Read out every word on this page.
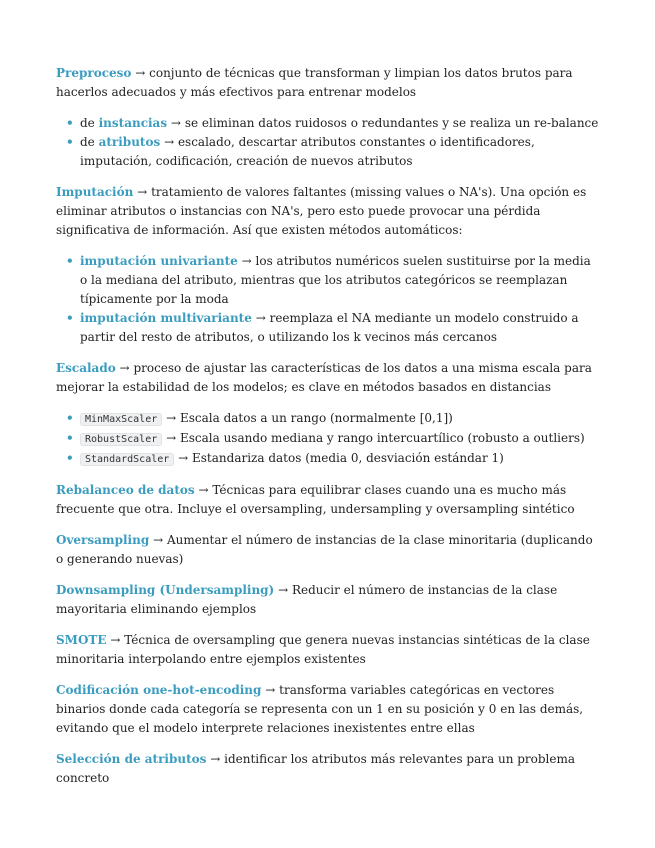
Preproceso → conjunto de técnicas que transforman y limpian los datos brutos para hacerlos adecuados y más efectivos para entrenar modelos

• de instancias → se eliminan datos ruidosos o redundantes y se realiza un re-balance
• de atributos → escalado, descartar atributos constantes o identificadores, imputación, codificación, creación de nuevos atributos

Imputación → tratamiento de valores faltantes (missing values o NA's). Una opción es eliminar atributos o instancias con NA's, pero esto puede provocar una pérdida significativa de información. Así que existen métodos automáticos:

• imputación univariante → los atributos numéricos suelen sustituirse por la media o la mediana del atributo, mientras que los atributos categóricos se reemplazan típicamente por la moda
• imputación multivariante → reemplaza el NA mediante un modelo construido a partir del resto de atributos, o utilizando los k vecinos más cercanos

Escalado → proceso de ajustar las características de los datos a una misma escala para mejorar la estabilidad de los modelos; es clave en métodos basados en distancias

• MinMaxScaler → Escala datos a un rango (normalmente [0,1])
• RobustScaler → Escala usando mediana y rango intercuartílico (robusto a outliers)
• StandardScaler → Estandariza datos (media 0, desviación estándar 1)

Rebalanceo de datos → Técnicas para equilibrar clases cuando una es mucho más frecuente que otra. Incluye el oversampling, undersampling y oversampling sintético

Oversampling → Aumentar el número de instancias de la clase minoritaria (duplicando o generando nuevas)

Downsampling (Undersampling) → Reducir el número de instancias de la clase mayoritaria eliminando ejemplos

SMOTE → Técnica de oversampling que genera nuevas instancias sintéticas de la clase minoritaria interpolando entre ejemplos existentes

Codificación one-hot-encoding → transforma variables categóricas en vectores binarios donde cada categoría se representa con un 1 en su posición y 0 en las demás, evitando que el modelo interprete relaciones inexistentes entre ellas

Selección de atributos → identificar los atributos más relevantes para un problema concreto
